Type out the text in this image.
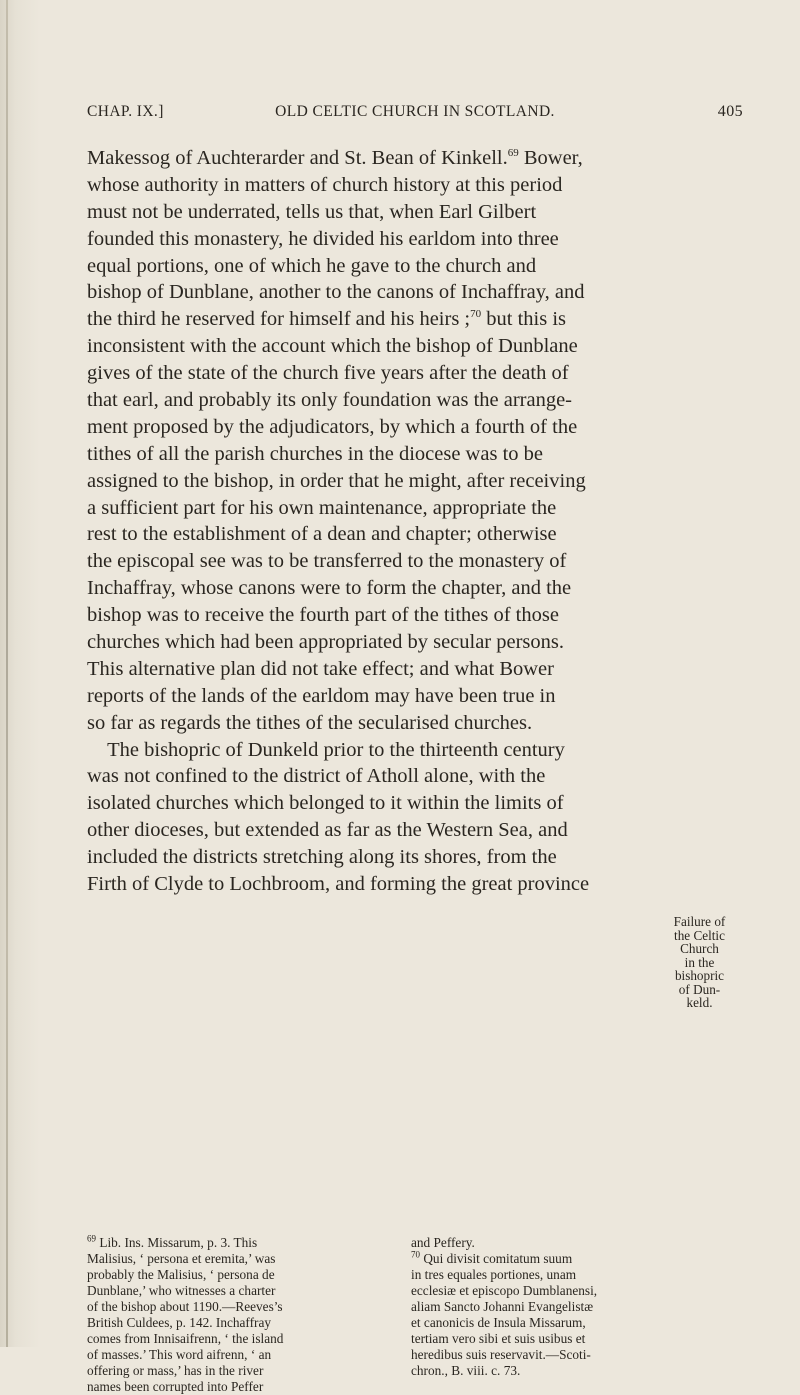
CHAP. IX.]	OLD CELTIC CHURCH IN SCOTLAND.	405
Makessog of Auchterarder and St. Bean of Kinkell.$^{69}$ Bower,
whose authority in matters of church history at this period
must not be underrated, tells us that, when Earl Gilbert
founded this monastery, he divided his earldom into three
equal portions, one of which he gave to the church and
bishop of Dunblane, another to the canons of Inchaffray, and
the third he reserved for himself and his heirs ;$^{70}$ but this is
inconsistent with the account which the bishop of Dunblane
gives of the state of the church five years after the death of
that earl, and probably its only foundation was the arrange-
ment proposed by the adjudicators, by which a fourth of the
tithes of all the parish churches in the diocese was to be
assigned to the bishop, in order that he might, after receiving
a sufficient part for his own maintenance, appropriate the
rest to the establishment of a dean and chapter; otherwise
the episcopal see was to be transferred to the monastery of
Inchaffray, whose canons were to form the chapter, and the
bishop was to receive the fourth part of the tithes of those
churches which had been appropriated by secular persons.
This alternative plan did not take effect; and what Bower
reports of the lands of the earldom may have been true in
so far as regards the tithes of the secularised churches.
The bishopric of Dunkeld prior to the thirteenth century
was not confined to the district of Atholl alone, with the
isolated churches which belonged to it within the limits of
other dioceses, but extended as far as the Western Sea, and
included the districts stretching along its shores, from the
Firth of Clyde to Lochbroom, and forming the great province
Failure of
the Celtic
Church
in the
bishopric
of Dun-
keld.
$^{69}$ Lib. Ins. Missarum, p. 3. This
Malisius, ‘ persona et eremita,’ was
probably the Malisius, ‘ persona de
Dunblane,’ who witnesses a charter
of the bishop about 1190.—Reeves’s
British Culdees, p. 142. Inchaffray
comes from Innisaifrenn, ‘ the island
of masses.’ This word aifrenn, ‘ an
offering or mass,’ has in the river
names been corrupted into Peffer
and Peffery.
$^{70}$ Qui divisit comitatum suum
in tres equales portiones, unam
ecclesiæ et episcopo Dumblanensi,
aliam Sancto Johanni Evangelistæ
et canonicis de Insula Missarum,
tertiam vero sibi et suis usibus et
heredibus suis reservavit.—Scoti-
chron., B. viii. c. 73.
